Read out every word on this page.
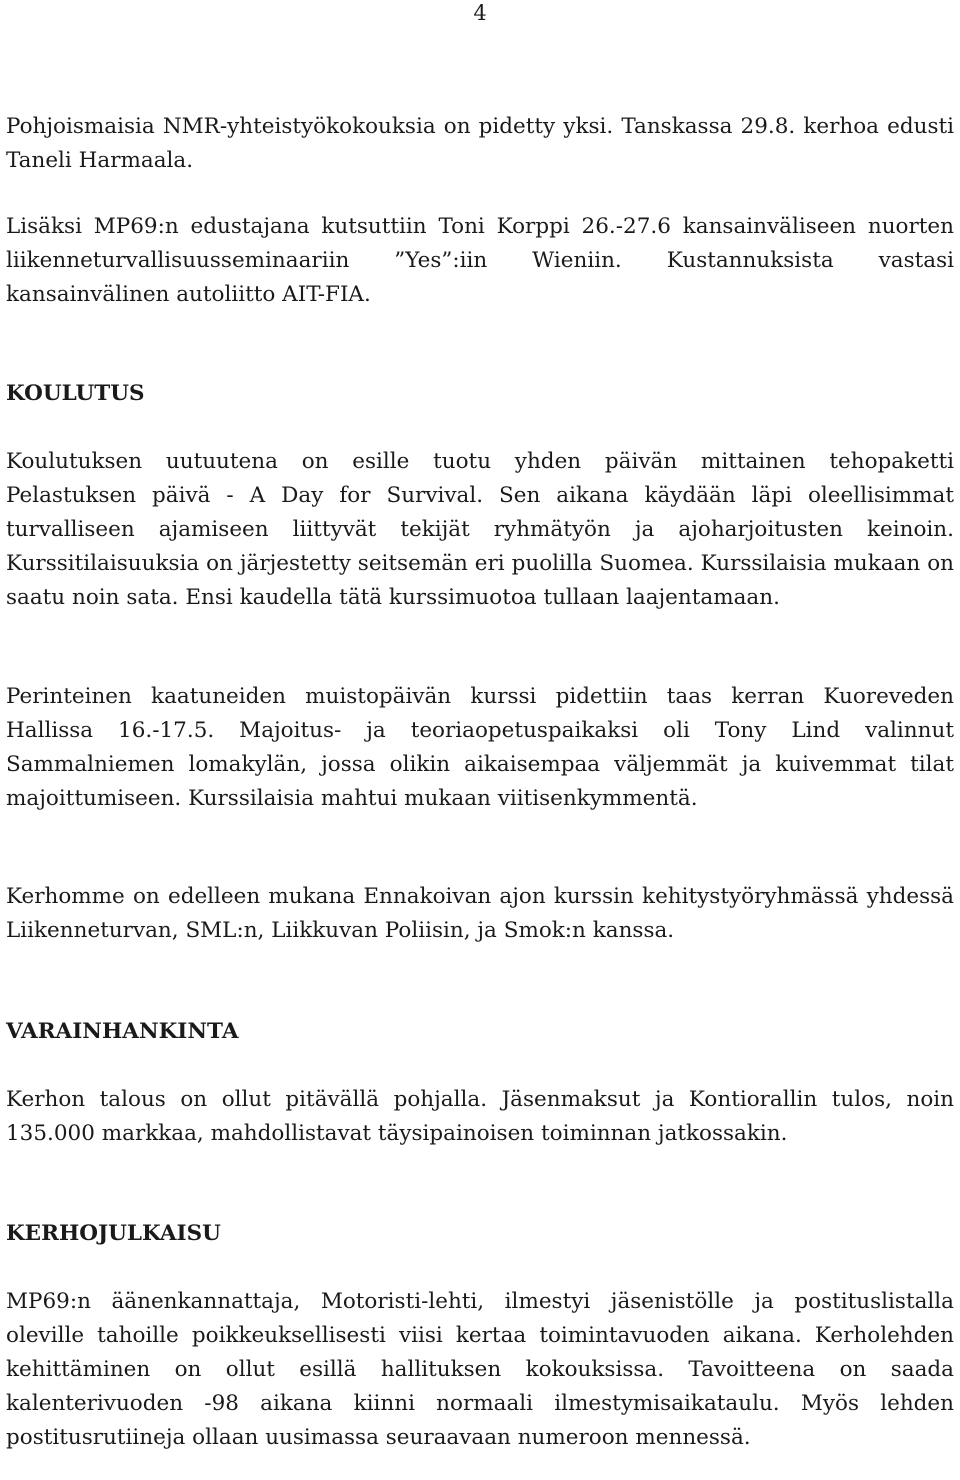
4

Pohjoismaisia NMR-yhteistyökokouksia on pidetty yksi. Tanskassa 29.8. kerhoa edusti Taneli Harmaala.

Lisäksi MP69:n edustajana kutsuttiin Toni Korppi 26.-27.6 kansainväliseen nuorten liikenneturvallisuusseminaariin ”Yes”:iin Wieniin. Kustannuksista vastasi kansainvälinen autoliitto AIT-FIA.

KOULUTUS

Koulutuksen uutuutena on esille tuotu yhden päivän mittainen tehopaketti Pelastuksen päivä - A Day for Survival. Sen aikana käydään läpi oleellisimmat turvalliseen ajamiseen liittyvät tekijät ryhmätyön ja ajoharjoitusten keinoin. Kurssitilaisuuksia on järjestetty seitsemän eri puolilla Suomea. Kurssilaisia mukaan on saatu noin sata. Ensi kaudella tätä kurssimuotoa tullaan laajentamaan.

Perinteinen kaatuneiden muistopäivän kurssi pidettiin taas kerran Kuoreveden Hallissa 16.-17.5. Majoitus- ja teoriaopetuspaikaksi oli Tony Lind valinnut Sammalniemen lomakylän, jossa olikin aikaisempaa väljemmät ja kuivemmat tilat majoittumiseen. Kurssilaisia mahtui mukaan viitisenkymmentä.

Kerhomme on edelleen mukana Ennakoivan ajon kurssin kehitystyöryhmässä yhdessä Liikenneturvan, SML:n, Liikkuvan Poliisin, ja Smok:n kanssa.

VARAINHANKINTA

Kerhon talous on ollut pitävällä pohjalla. Jäsenmaksut ja Kontiorallin tulos, noin 135.000 markkaa, mahdollistavat täysipainoisen toiminnan jatkossakin.

KERHOJULKAISU

MP69:n äänenkannattaja, Motoristi-lehti, ilmestyi jäsenistölle ja postituslistalla oleville tahoille poikkeuksellisesti viisi kertaa toimintavuoden aikana. Kerholehden kehittäminen on ollut esillä hallituksen kokouksissa. Tavoitteena on saada kalenterivuoden -98 aikana kiinni normaali ilmestymisaikataulu. Myös lehden postitusrutiineja ollaan uusimassa seuraavaan numeroon mennessä.
